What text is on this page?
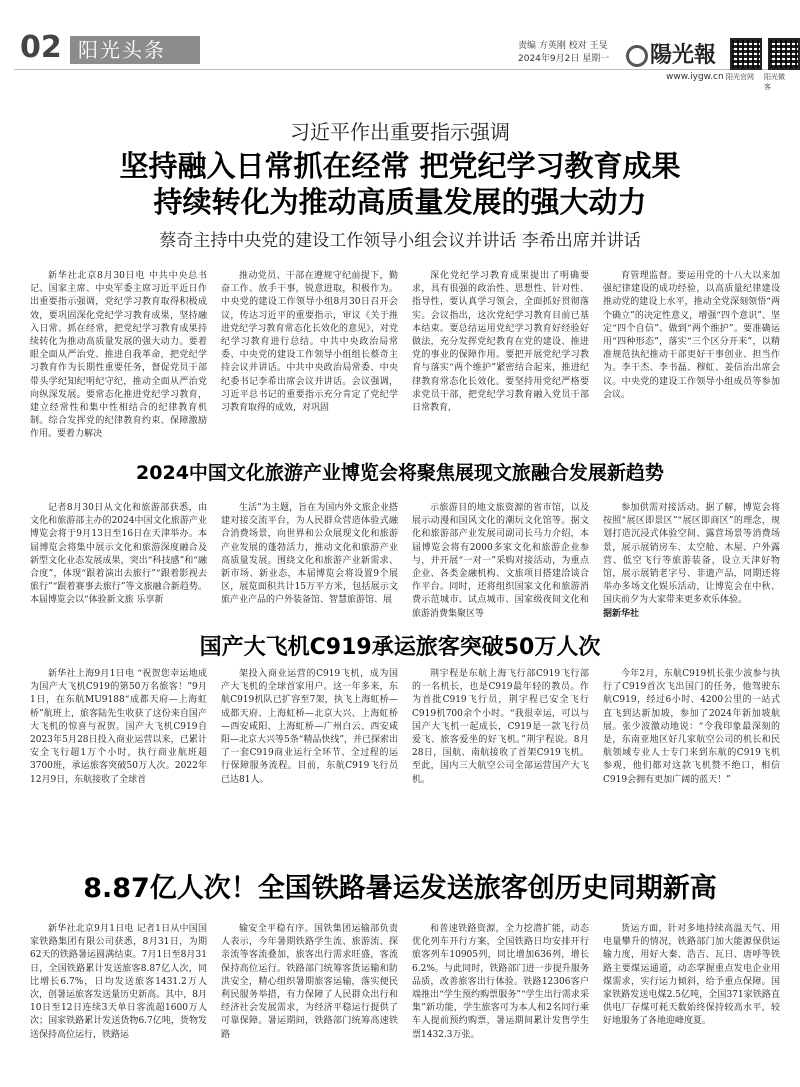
02 阳光头条	责编 方英刚 校对 王旻
2024年9月2日 星期一	陽光報
www.iygw.cn 阳光官网 阳光微客
习近平作出重要指示强调
坚持融入日常抓在经常 把党纪学习教育成果
持续转化为推动高质量发展的强大动力
蔡奇主持中央党的建设工作领导小组会议并讲话 李希出席并讲话

新华社北京8月30日电 中共中央总书记、国家主席、中央军委主席习近平近日作出重要指示强调，党纪学习教育取得积极成效，要巩固深化党纪学习教育成果，坚持融入日常、抓在经常，把党纪学习教育成果持续转化为推动高质量发展的强大动力。要着眼全面从严治党、推进自我革命，把党纪学习教育作为长期性重要任务，督促党员干部带头学纪知纪明纪守纪，推动全面从严治党向纵深发展。要常态化推进党纪学习教育，建立经常性和集中性相结合的纪律教育机制。综合发挥党的纪律教育约束、保障激励作用。要着力解决

推动党员、干部在遵规守纪前提下，勤奋工作、放手干事，锐意进取，积极作为。中央党的建设工作领导小组8月30日召开会议，传达习近平的重要指示，审议《关于推进党纪学习教育常态化长效化的意见》，对党纪学习教育进行总结。中共中央政治局常委、中央党的建设工作领导小组组长蔡奇主持会议并讲话。中共中央政治局常委、中央纪委书记李希出席会议并讲话。会议强调，习近平总书记的重要指示充分肯定了党纪学习教育取得的成效，对巩固

深化党纪学习教育成果提出了明确要求，具有很强的政治性、思想性、针对性、指导性，要认真学习领会，全面抓好贯彻落实。会议指出，这次党纪学习教育目前已基本结束。要总结运用党纪学习教育好经验好做法，充分发挥党纪教育在党的建设、推进党的事业的保障作用。要把开展党纪学习教育与落实“两个维护”紧密结合起来，推进纪律教育常态化长效化。要坚持用党纪严格要求党员干部，把党纪学习教育融入党员干部日常教育，

育管理监督。要运用党的十八大以来加强纪律建设的成功经验，以高质量纪律建设推动党的建设上水平，推动全党深刻领悟“两个确立”的决定性意义，增强“四个意识”、坚定“四个自信”、做到“两个维护”。要准确运用“四种形态”，落实“三个区分开来”，以精准规范执纪推动干部更好干事创业、担当作为。李干杰、李书磊、穆虹、姜信治出席会议。中央党的建设工作领导小组成员等参加会议。

2024中国文化旅游产业博览会将聚焦展现文旅融合发展新趋势

记者8月30日从文化和旅游部获悉，由文化和旅游部主办的2024中国文化旅游产业博览会将于9月13日至16日在天津举办。本届博览会将集中展示文化和旅游深度融合及新型文化业态发展成果，突出“科技感”和“融合度”，体现“跟着演出去旅行”“跟着影视去旅行”“跟着赛事去旅行”等文旅融合新趋势。本届博览会以“体验新文旅 乐享新

生活”为主题，旨在为国内外文旅企业搭建对接交流平台，为人民群众营造体验式融合消费场景，向世界和公众展现文化和旅游产业发展的蓬勃活力，推动文化和旅游产业高质量发展。围绕文化和旅游产业新需求、新市场、新业态，本届博览会将设置9个展区，展览面积共计15万平方米，包括展示文旅产业产品的户外装备馆、智慧旅游馆、展

示旅游目的地文旅资源的省市馆，以及展示动漫和国风文化的潮玩文化馆等。据文化和旅游部产业发展司副司长马力介绍，本届博览会将有2000多家文化和旅游企业参与，并开展“一对一”采购对接活动，为重点企业、各类金融机构、文旅项目搭建洽谈合作平台。同时，还将组织国家文化和旅游消费示范城市、试点城市、国家级夜间文化和旅游消费集聚区等

参加供需对接活动。据了解，博览会将按照“展区即景区”“展区即商区”的理念，规划打造沉浸式体验空间、露营场景等消费场景，展示展销房车、太空舱、木屋、户外露营、低空飞行等旅游装备，设立天津好物馆，展示展销老字号、非遗产品，同期还将举办多场文化娱乐活动，让博览会在中秋、国庆前夕为大家带来更多欢乐体验。

据新华社
国产大飞机C919承运旅客突破50万人次

新华社上海9月1日电 “祝贺您幸运地成为国产大飞机C919的第50万名旅客！”9月1日，在东航MU9188“成都天府—上海虹桥”航班上，旅客陆先生收获了这份来自国产大飞机的惊喜与祝贺。国产大飞机C919自2023年5月28日投入商业运营以来，已累计安全飞行超1万个小时，执行商业航班超3700班，承运旅客突破50万人次。2022年12月9日，东航接收了全球首

架投入商业运营的C919飞机，成为国产大飞机的全球首家用户。这一年多来，东航C919机队已扩容至7架，执飞上海虹桥—成都天府、上海虹桥—北京大兴、上海虹桥—西安咸阳、上海虹桥—广州白云、西安咸阳—北京大兴等5条“精品快线”，并已探索出了一套C919商业运行全环节、全过程的运行保障服务流程。目前，东航C919飞行员已达81人。

荆宇程是东航上海飞行部C919飞行部的一名机长，也是C919最年轻的教员。作为首批C919飞行员，荆宇程已安全飞行C919机700余个小时。“我很幸运，可以与国产大飞机一起成长，C919是一款飞行员爱飞、旅客爱坐的好飞机。”荆宇程说。8月28日，国航、南航接收了首架C919飞机。至此，国内三大航空公司全部运营国产大飞机。

今年2月，东航C919机长张少波参与执行了C919首次飞出国门的任务，他驾驶东航C919，经过6小时、4200公里的一站式直飞到达新加坡，参加了2024年新加坡航展。张少波激动地说：“令我印象最深刻的是，东南亚地区好几家航空公司的机长和民航领域专业人士专门来到东航的C919飞机参观，他们都对这款飞机赞不绝口，相信C919会拥有更加广阔的蓝天！”

8.87亿人次！全国铁路暑运发送旅客创历史同期新高

新华社北京9月1日电 记者1日从中国国家铁路集团有限公司获悉，8月31日，为期62天的铁路暑运圆满结束。7月1日至8月31日，全国铁路累计发送旅客8.87亿人次，同比增长6.7%，日均发送旅客1431.2万人次，创暑运旅客发送量历史新高。其中，8月10日至12日连续3天单日客流超1600万人次；国家铁路累计发送货物6.7亿吨，货物发送保持高位运行，铁路运

输安全平稳有序。国铁集团运输部负责人表示，今年暑期铁路学生流、旅游流、探亲流等客流叠加，旅客出行需求旺盛，客流保持高位运行。铁路部门统筹客货运输和防洪安全，精心组织暑期旅客运输，落实便民利民服务举措，有力保障了人民群众出行和经济社会发展需求，为经济平稳运行提供了可靠保障。暑运期间，铁路部门统筹高速铁路

和普速铁路资源，全力挖潜扩能，动态优化列车开行方案，全国铁路日均安排开行旅客列车10905列，同比增加636列，增长6.2%。与此同时，铁路部门进一步提升服务品质，改善旅客出行体验。铁路12306客户端推出“学生预约购票服务”“学生出行需求采集”新功能，学生旅客可为本人和2名同行乘车人提前预约购票，暑运期间累计发售学生票1432.3万张。

货运方面，针对多地持续高温天气、用电量攀升的情况，铁路部门加大能源保供运输力度，用好大秦、浩吉、瓦日、唐呼等铁路主要煤运通道，动态掌握重点发电企业用煤需求，实行运力倾斜，给予重点保障。国家铁路发送电煤2.5亿吨，全国371家铁路直供电厂存煤可耗天数始终保持较高水平，较好地服务了各地迎峰度夏。
